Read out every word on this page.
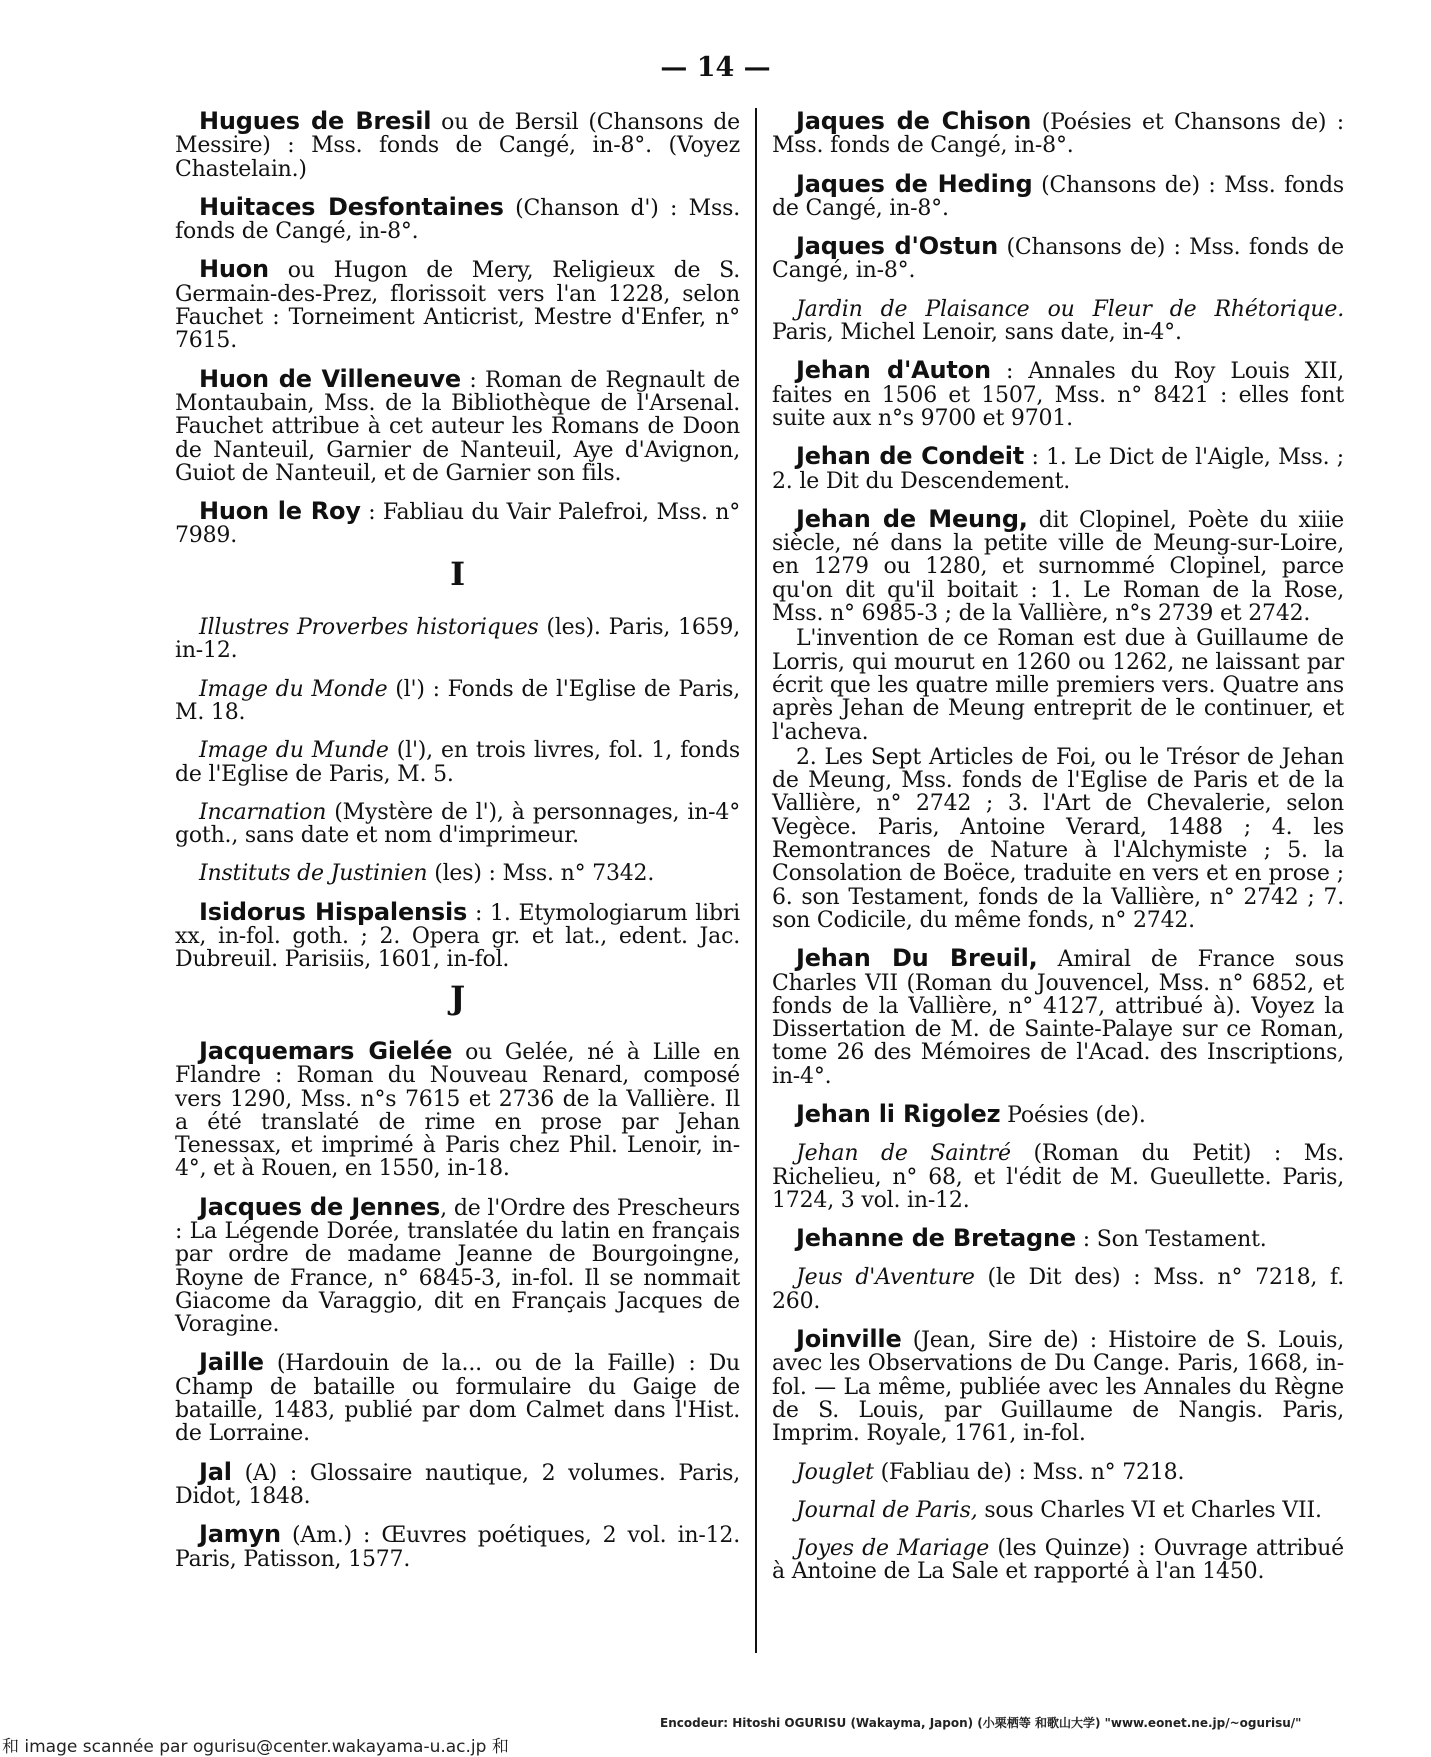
— 14 —

Hugues de Bresil ou de Bersil (Chansons de Messire) : Mss. fonds de Cangé, in-8°. (Voyez Chastelain.)

Huitaces Desfontaines (Chanson d') : Mss. fonds de Cangé, in-8°.

Huon ou Hugon de Mery, Religieux de S. Germain-des-Prez, florissoit vers l'an 1228, selon Fauchet : Torneiment Anticrist, Mestre d'Enfer, n° 7615.

Huon de Villeneuve : Roman de Regnault de Montaubain, Mss. de la Bibliothèque de l'Arsenal. Fauchet attribue à cet auteur les Romans de Doon de Nanteuil, Garnier de Nanteuil, Aye d'Avignon, Guiot de Nanteuil, et de Garnier son fils.

Huon le Roy : Fabliau du Vair Palefroi, Mss. n° 7989.

I

Illustres Proverbes historiques (les). Paris, 1659, in-12.

Image du Monde (l') : Fonds de l'Eglise de Paris, M. 18.

Image du Munde (l'), en trois livres, fol. 1, fonds de l'Eglise de Paris, M. 5.

Incarnation (Mystère de l'), à personnages, in-4° goth., sans date et nom d'imprimeur.

Instituts de Justinien (les) : Mss. n° 7342.

Isidorus Hispalensis : 1. Etymologiarum libri xx, in-fol. goth. ; 2. Opera gr. et lat., edent. Jac. Dubreuil. Parisiis, 1601, in-fol.

J

Jacquemars Gielée ou Gelée, né à Lille en Flandre : Roman du Nouveau Renard, composé vers 1290, Mss. n°s 7615 et 2736 de la Vallière. Il a été translaté de rime en prose par Jehan Tenessax, et imprimé à Paris chez Phil. Lenoir, in-4°, et à Rouen, en 1550, in-18.

Jacques de Jennes, de l'Ordre des Prescheurs : La Légende Dorée, translatée du latin en français par ordre de madame Jeanne de Bourgoingne, Royne de France, n° 6845-3, in-fol. Il se nommait Giacome da Varaggio, dit en Français Jacques de Voragine.

Jaille (Hardouin de la... ou de la Faille) : Du Champ de bataille ou formulaire du Gaige de bataille, 1483, publié par dom Calmet dans l'Hist. de Lorraine.

Jal (A) : Glossaire nautique, 2 volumes. Paris, Didot, 1848.

Jamyn (Am.) : Œuvres poétiques, 2 vol. in-12. Paris, Patisson, 1577.

Jaques de Chison (Poésies et Chansons de) : Mss. fonds de Cangé, in-8°.

Jaques de Heding (Chansons de) : Mss. fonds de Cangé, in-8°.

Jaques d'Ostun (Chansons de) : Mss. fonds de Cangé, in-8°.

Jardin de Plaisance ou Fleur de Rhétorique. Paris, Michel Lenoir, sans date, in-4°.

Jehan d'Auton : Annales du Roy Louis XII, faites en 1506 et 1507, Mss. n° 8421 : elles font suite aux n°s 9700 et 9701.

Jehan de Condeit : 1. Le Dict de l'Aigle, Mss. ; 2. le Dit du Descendement.

Jehan de Meung, dit Clopinel, Poète du xiiie siècle, né dans la petite ville de Meung-sur-Loire, en 1279 ou 1280, et surnommé Clopinel, parce qu'on dit qu'il boitait : 1. Le Roman de la Rose, Mss. n° 6985-3 ; de la Vallière, n°s 2739 et 2742.

L'invention de ce Roman est due à Guillaume de Lorris, qui mourut en 1260 ou 1262, ne laissant par écrit que les quatre mille premiers vers. Quatre ans après Jehan de Meung entreprit de le continuer, et l'acheva.

2. Les Sept Articles de Foi, ou le Trésor de Jehan de Meung, Mss. fonds de l'Eglise de Paris et de la Vallière, n° 2742 ; 3. l'Art de Chevalerie, selon Vegèce. Paris, Antoine Verard, 1488 ; 4. les Remontrances de Nature à l'Alchymiste ; 5. la Consolation de Boëce, traduite en vers et en prose ; 6. son Testament, fonds de la Vallière, n° 2742 ; 7. son Codicile, du même fonds, n° 2742.

Jehan Du Breuil, Amiral de France sous Charles VII (Roman du Jouvencel, Mss. n° 6852, et fonds de la Vallière, n° 4127, attribué à). Voyez la Dissertation de M. de Sainte-Palaye sur ce Roman, tome 26 des Mémoires de l'Acad. des Inscriptions, in-4°.

Jehan li Rigolez Poésies (de).

Jehan de Saintré (Roman du Petit) : Ms. Richelieu, n° 68, et l'édit de M. Gueullette. Paris, 1724, 3 vol. in-12.

Jehanne de Bretagne : Son Testament.

Jeus d'Aventure (le Dit des) : Mss. n° 7218, f. 260.

Joinville (Jean, Sire de) : Histoire de S. Louis, avec les Observations de Du Cange. Paris, 1668, in-fol. — La même, publiée avec les Annales du Règne de S. Louis, par Guillaume de Nangis. Paris, Imprim. Royale, 1761, in-fol.

Jouglet (Fabliau de) : Mss. n° 7218.

Journal de Paris, sous Charles VI et Charles VII.

Joyes de Mariage (les Quinze) : Ouvrage attribué à Antoine de La Sale et rapporté à l'an 1450.

Encodeur: Hitoshi OGURISU (Wakayma, Japon) (小栗栖等 和歌山大学) "www.eonet.ne.jp/~ogurisu/"
和 image scannée par ogurisu@center.wakayama-u.ac.jp 和
